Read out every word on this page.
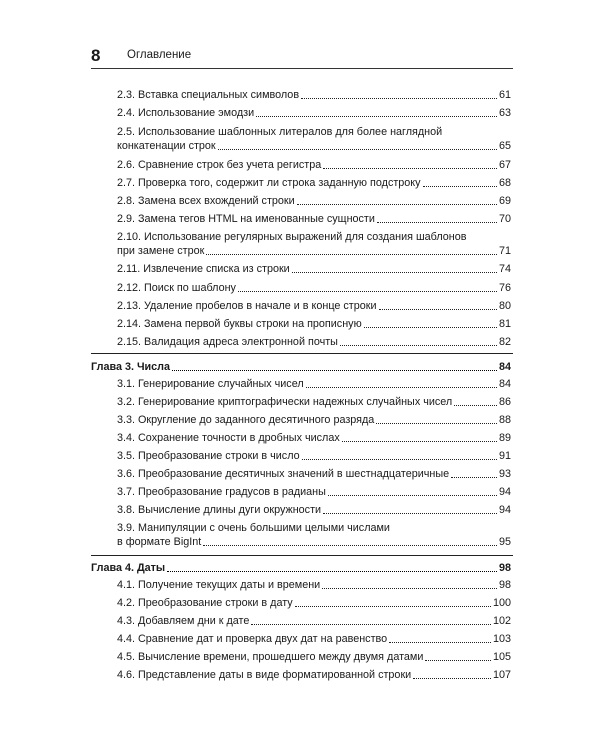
8 Оглавление
2.3. Вставка специальных символов	61
2.4. Использование эмодзи	63
2.5. Использование шаблонных литералов для более наглядной
конкатенации строк	65
2.6. Сравнение строк без учета регистра	67
2.7. Проверка того, содержит ли строка заданную подстроку	68
2.8. Замена всех вхождений строки	69
2.9. Замена тегов HTML на именованные сущности	70
2.10. Использование регулярных выражений для создания шаблонов
при замене строк	71
2.11. Извлечение списка из строки	74
2.12. Поиск по шаблону	76
2.13. Удаление пробелов в начале и в конце строки	80
2.14. Замена первой буквы строки на прописную	81
2.15. Валидация адреса электронной почты	82
Глава 3. Числа	84
3.1. Генерирование случайных чисел	84
3.2. Генерирование криптографически надежных случайных чисел	86
3.3. Округление до заданного десятичного разряда	88
3.4. Сохранение точности в дробных числах	89
3.5. Преобразование строки в число	91
3.6. Преобразование десятичных значений в шестнадцатеричные	93
3.7. Преобразование градусов в радианы	94
3.8. Вычисление длины дуги окружности	94
3.9. Манипуляции с очень большими целыми числами
в формате BigInt	95
Глава 4. Даты	98
4.1. Получение текущих даты и времени	98
4.2. Преобразование строки в дату	100
4.3. Добавляем дни к дате	102
4.4. Сравнение дат и проверка двух дат на равенство	103
4.5. Вычисление времени, прошедшего между двумя датами	105
4.6. Представление даты в виде форматированной строки	107
